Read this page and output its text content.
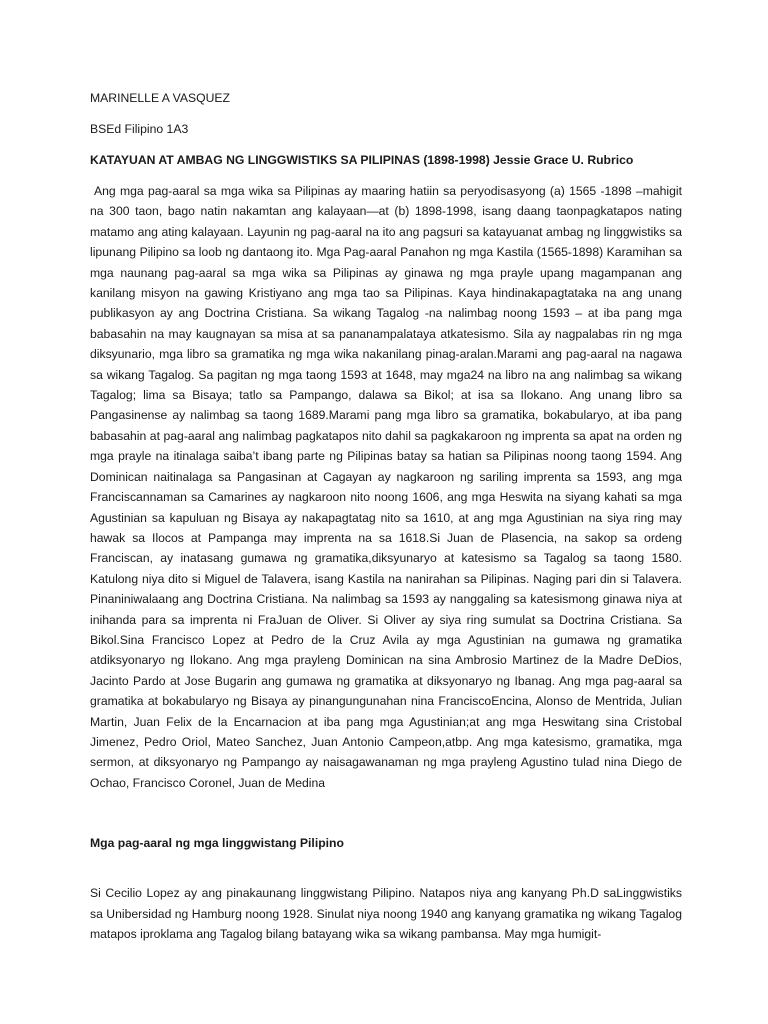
MARINELLE A VASQUEZ

BSEd Filipino 1A3

KATAYUAN AT AMBAG NG LINGGWISTIKS SA PILIPINAS (1898-1998) Jessie Grace U. Rubrico

Ang mga pag-aaral sa mga wika sa Pilipinas ay maaring hatiin sa peryodisasyong (a) 1565 -1898 –mahigit na 300 taon, bago natin nakamtan ang kalayaan—at (b) 1898-1998, isang daang taonpagkatapos nating matamo ang ating kalayaan. Layunin ng pag-aaral na ito ang pagsuri sa katayuanat ambag ng linggwistiks sa lipunang Pilipino sa loob ng dantaong ito. Mga Pag-aaral Panahon ng mga Kastila (1565-1898) Karamihan sa mga naunang pag-aaral sa mga wika sa Pilipinas ay ginawa ng mga prayle upang magampanan ang kanilang misyon na gawing Kristiyano ang mga tao sa Pilipinas. Kaya hindinakapagtataka na ang unang publikasyon ay ang Doctrina Cristiana. Sa wikang Tagalog -na nalimbag noong 1593 – at iba pang mga babasahin na may kaugnayan sa misa at sa pananampalataya atkatesismo. Sila ay nagpalabas rin ng mga diksyunario, mga libro sa gramatika ng mga wika nakanilang pinag-aralan.Marami ang pag-aaral na nagawa sa wikang Tagalog. Sa pagitan ng mga taong 1593 at 1648, may mga24 na libro na ang nalimbag sa wikang Tagalog; lima sa Bisaya; tatlo sa Pampango, dalawa sa Bikol; at isa sa Ilokano. Ang unang libro sa Pangasinense ay nalimbag sa taong 1689.Marami pang mga libro sa gramatika, bokabularyo, at iba pang babasahin at pag-aaral ang nalimbag pagkatapos nito dahil sa pagkakaroon ng imprenta sa apat na orden ng mga prayle na itinalaga saiba’t ibang parte ng Pilipinas batay sa hatian sa Pilipinas noong taong 1594. Ang Dominican naitinalaga sa Pangasinan at Cagayan ay nagkaroon ng sariling imprenta sa 1593, ang mga Franciscannaman sa Camarines ay nagkaroon nito noong 1606, ang mga Heswita na siyang kahati sa mga Agustinian sa kapuluan ng Bisaya ay nakapagtatag nito sa 1610, at ang mga Agustinian na siya ring may hawak sa Ilocos at Pampanga may imprenta na sa 1618.Si Juan de Plasencia, na sakop sa ordeng Franciscan, ay inatasang gumawa ng gramatika,diksyunaryo at katesismo sa Tagalog sa taong 1580. Katulong niya dito si Miguel de Talavera, isang Kastila na nanirahan sa Pilipinas. Naging pari din si Talavera. Pinaniniwalaang ang Doctrina Cristiana. Na nalimbag sa 1593 ay nanggaling sa katesismong ginawa niya at inihanda para sa imprenta ni FraJuan de Oliver. Si Oliver ay siya ring sumulat sa Doctrina Cristiana. Sa Bikol.Sina Francisco Lopez at Pedro de la Cruz Avila ay mga Agustinian na gumawa ng gramatika atdiksyonaryo ng Ilokano. Ang mga prayleng Dominican na sina Ambrosio Martinez de la Madre DeDios, Jacinto Pardo at Jose Bugarin ang gumawa ng gramatika at diksyonaryo ng Ibanag. Ang mga pag-aaral sa gramatika at bokabularyo ng Bisaya ay pinangungunahan nina FranciscoEncina, Alonso de Mentrida, Julian Martin, Juan Felix de la Encarnacion at iba pang mga Agustinian;at ang mga Heswitang sina Cristobal Jimenez, Pedro Oriol, Mateo Sanchez, Juan Antonio Campeon,atbp. Ang mga katesismo, gramatika, mga sermon, at diksyonaryo ng Pampango ay naisagawanaman ng mga prayleng Agustino tulad nina Diego de Ochao, Francisco Coronel, Juan de Medina

Mga pag-aaral ng mga linggwistang Pilipino

Si Cecilio Lopez ay ang pinakaunang linggwistang Pilipino. Natapos niya ang kanyang Ph.D saLinggwistiks sa Unibersidad ng Hamburg noong 1928. Sinulat niya noong 1940 ang kanyang gramatika ng wikang Tagalog matapos iproklama ang Tagalog bilang batayang wika sa wikang pambansa. May mga humigit-
